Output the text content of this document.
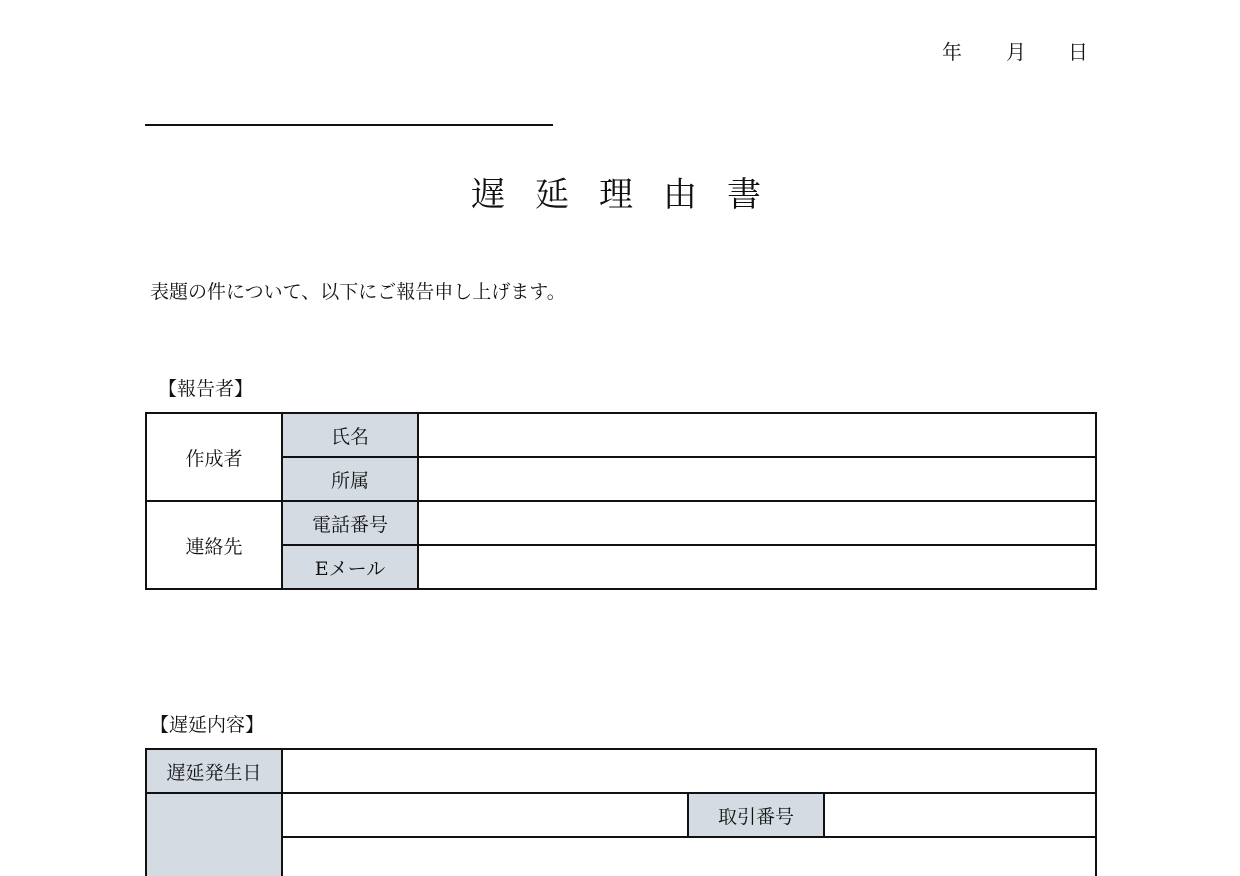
年 月 日
遅延理由書
表題の件について、以下にご報告申し上げます。
【報告者】
作成者	氏名	
	所属	
連絡先	電話番号	
	Eメール	
【遅延内容】
遅延発生日			
		取引番号	
